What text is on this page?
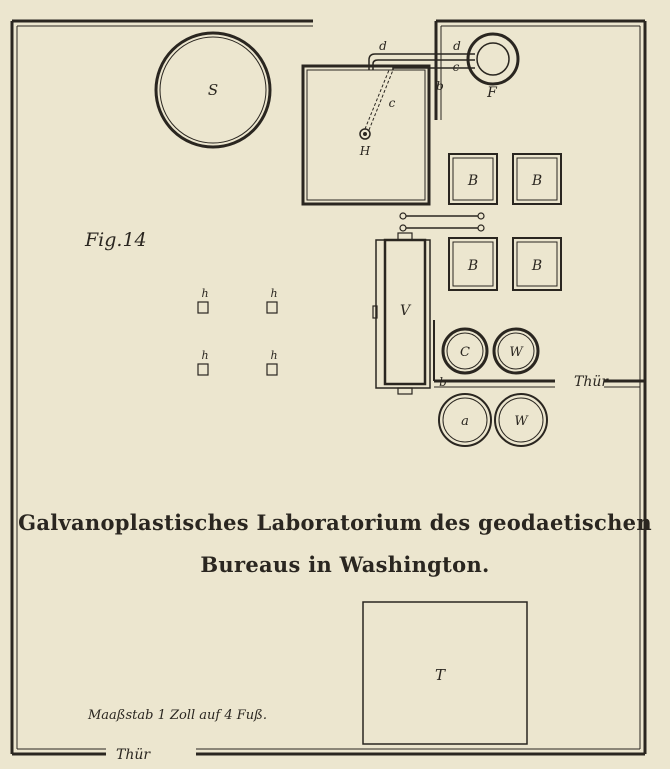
S
H
c
d	d
c
b	F
B	B
B	B
V
C	W
a	W
b
h	h
h	h
T
Fig.14
Thür
Thür
Maaßstab 1 Zoll auf 4 Fuß.
Galvanoplastisches Laboratorium des geodaetischen
Bureaus in Washington.
